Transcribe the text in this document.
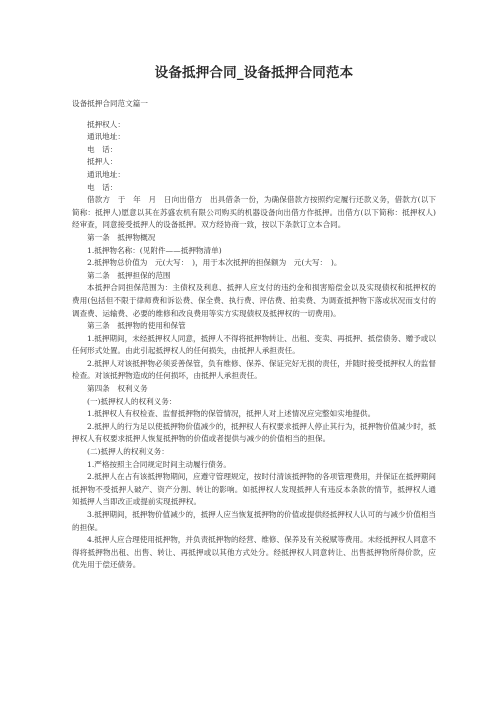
设备抵押合同_设备抵押合同范本
设备抵押合同范文篇一

抵押权人：

通讯地址：

电　话：

抵押人：

通讯地址：

电　话：

借款方　于　年　月　日向出借方　出具借条一份，为确保借款方按照约定履行还款义务，借款方(以下简称：抵押人)愿意以其在苏盛农机有限公司购买的机器设备向出借方作抵押。出借方(以下简称：抵押权人)经审查，同意接受抵押人的设备抵押。双方经协商一致，按以下条款订立本合同。

第一条　抵押物概况

1.抵押物名称：(见附件——抵押物清单)

2.抵押物总价值为　元(大写：　)，用于本次抵押的担保额为　元(大写：　)。

第二条　抵押担保的范围

本抵押合同担保范围为：主债权及利息、抵押人应支付的违约金和损害赔偿金以及实现债权和抵押权的费用(包括但不限于律师费和诉讼费、保全费、执行费、评估费、拍卖费、为调查抵押物下落或状况而支付的调查费、运输费、必要的维修和改良费用等实方实现债权及抵押权的一切费用)。

第三条　抵押物的使用和保管

1.抵押期间，未经抵押权人同意，抵押人不得将抵押物转让、出租、变卖、再抵押、抵偿债务、赠予或以任何形式处置。由此引起抵押权人的任何损失，由抵押人承担责任。

2.抵押人对该抵押物必须妥善保管，负有维修、保养、保证完好无损的责任，并随时接受抵押权人的监督检查。对该抵押物造成的任何损坏，由抵押人承担责任。

第四条　权利义务

(一)抵押权人的权利义务：

1.抵押权人有权检查、监督抵押物的保管情况，抵押人对上述情况应完整如实地提供。

2.抵押人的行为足以使抵押物价值减少的，抵押权人有权要求抵押人停止其行为，抵押物价值减少时，抵押权人有权要求抵押人恢复抵押物的价值或者提供与减少的价值相当的担保。

(二)抵押人的权利义务：

1.严格按照主合同规定时间主动履行债务。

2.抵押人在占有该抵押物期间，应遵守管理规定，按时付清该抵押物的各项管理费用，并保证在抵押期间抵押物不受抵押人破产、资产分割、转让的影响。如抵押权人发现抵押人有违反本条款的情节，抵押权人通知抵押人当即改正或提前实现抵押权。

3.抵押期间，抵押物价值减少的，抵押人应当恢复抵押物的价值或提供经抵押权人认可的与减少价值相当的担保。

4.抵押人应合理使用抵押物，并负责抵押物的经营、维修、保养及有关税赋等费用。未经抵押权人同意不得将抵押物出租、出售、转让、再抵押或以其他方式处分。经抵押权人同意转让、出售抵押物所得价款，应优先用于偿还债务。
